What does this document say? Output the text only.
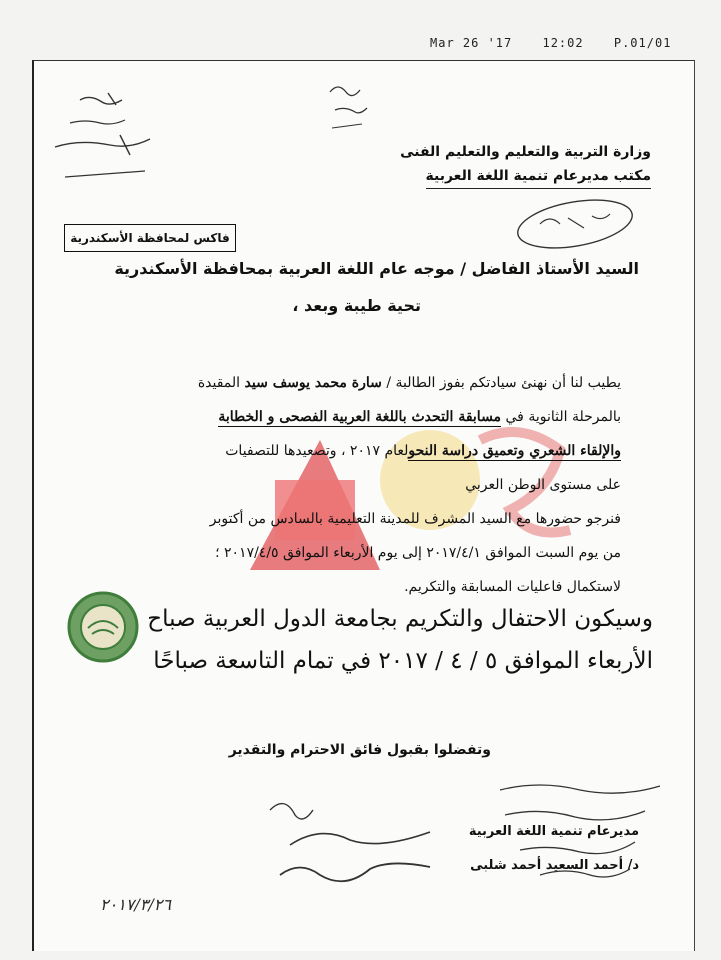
Mar 26 '17	12:02	P.01/01
وزارة التربية والتعليم والتعليم الفنى
مكتب مديرعام تنمية اللغة العربية
فاكس لمحافظة الأسكندرية
السيد الأستاذ الفاضل / موجه عام اللغة العربية بمحافظة الأسكندرية
تحية طيبة وبعد ،

يطيب لنا أن نهنئ سيادتكم بفوز الطالبة / سارة محمد يوسف سيد المقيدة

بالمرحلة الثانوية في مسابقة التحدث باللغة العربية الفصحى و الخطابة

والإلقاء الشعري وتعميق دراسة النحولعام ٢٠١٧ ، وتصعيدها للتصفيات

على مستوى الوطن العربي

فنرجو حضورها مع السيد المشرف للمدينة التعليمية بالسادس من أكتوبر

من يوم السبت الموافق ٢٠١٧/٤/١ إلى يوم الأربعاء الموافق ٢٠١٧/٤/٥ ؛

لاستكمال فاعليات المسابقة والتكريم.

وسيكون الاحتفال والتكريم بجامعة الدول العربية صباح
الأربعاء الموافق ٥ / ٤ / ٢٠١٧ في تمام التاسعة صباحًا
وتفضلوا بقبول فائق الاحترام والتقدير
مديرعام تنمية اللغة العربية
د/ أحمد السعيد أحمد شلبى
٢٠١٧/٣/٢٦
